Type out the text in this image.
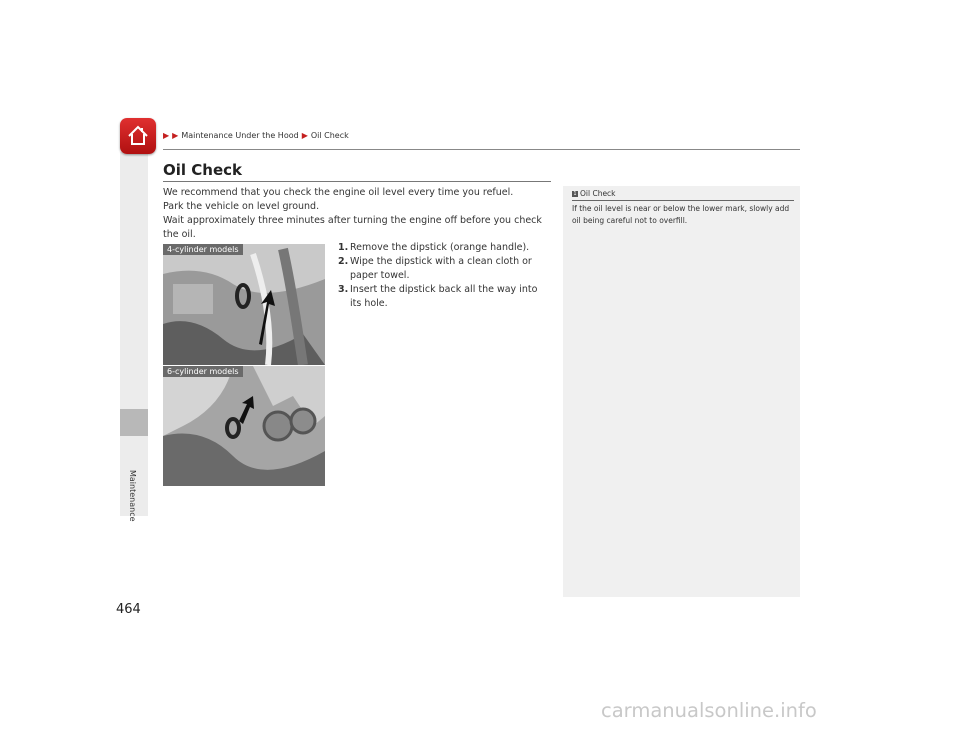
Maintenance
▶ ▶ Maintenance Under the Hood ▶ Oil Check
Oil Check

We recommend that you check the engine oil level every time you refuel.

Park the vehicle on level ground.

Wait approximately three minutes after turning the engine off before you check the oil.

4-cylinder models
6-cylinder models
1. Remove the dipstick (orange handle).
2. Wipe the dipstick with a clean cloth or paper towel.
3. Insert the dipstick back all the way into its hole.
1 Oil Check
If the oil level is near or below the lower mark, slowly add oil being careful not to overfill.
464
carmanualsonline.info
